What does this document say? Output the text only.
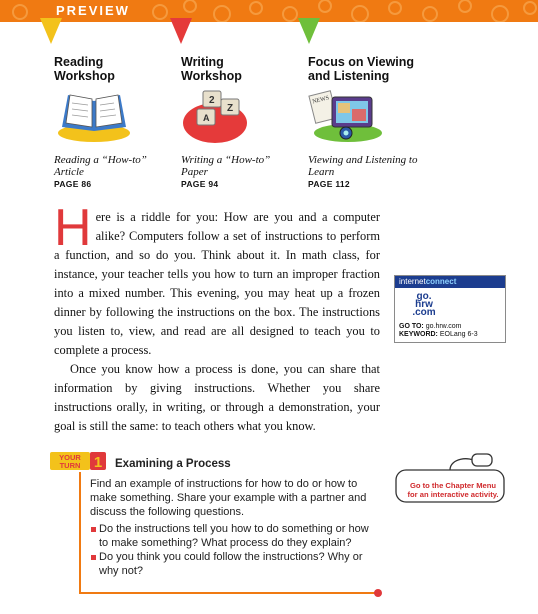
PREVIEW
Reading
Workshop
Reading a “How-to”
Article
PAGE 86
Writing
Workshop
2
Z
A
Writing a “How-to”
Paper
PAGE 94
Focus on Viewing
and Listening
NEWS
Viewing and Listening to
Learn
PAGE 112

Here is a riddle for you: How are you and a computer alike? Computers follow a set of instructions to perform a function, and so do you. Think about it. In math class, for instance, your teacher tells you how to turn an improper fraction into a mixed number. This evening, you may heat up a frozen dinner by following the instructions on the box. The instructions you listen to, view, and read are all designed to teach you to complete a process.

Once you know how a process is done, you can share that information by giving instructions. Whether you share instructions orally, in writing, or through a demonstration, your goal is still the same: to teach others what you know.

internetconnect
go.
hrw
.com
GO TO: go.hrw.com
KEYWORD: EOLang 6-3
YOUR
TURN 1 Examining a Process

Find an example of instructions for how to do or how to make something. Share your example with a partner and discuss the following questions.

Do the instructions tell you how to do something or how to make something? What process do they explain?
Do you think you could follow the instructions? Why or why not?
Go to the Chapter Menu
for an interactive activity.
